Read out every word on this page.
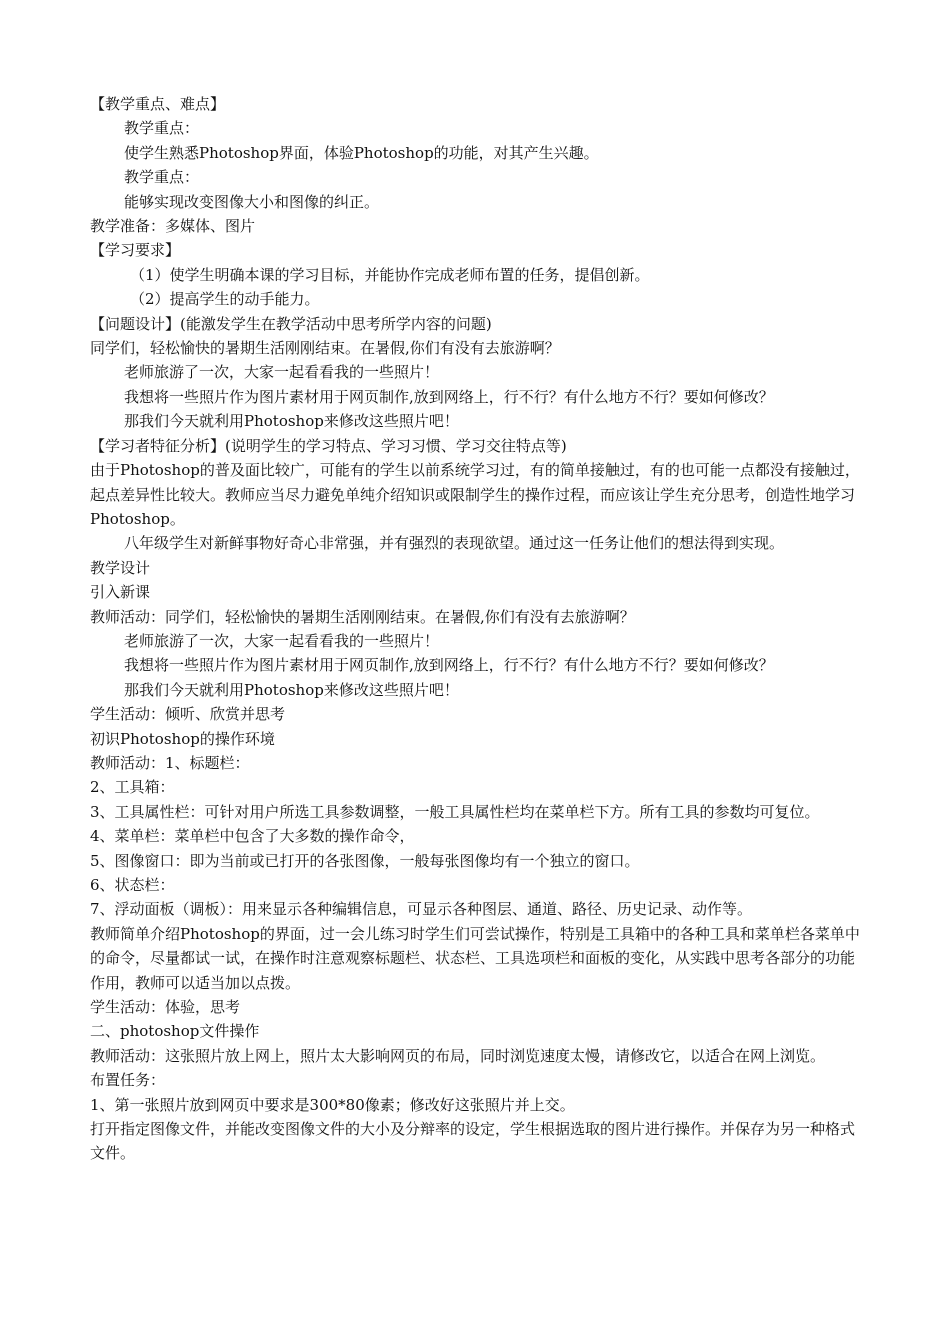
【教学重点、难点】

教学重点：

使学生熟悉Photoshop界面，体验Photoshop的功能，对其产生兴趣。

教学重点：

能够实现改变图像大小和图像的纠正。

教学准备：多媒体、图片

【学习要求】

（1）使学生明确本课的学习目标，并能协作完成老师布置的任务，提倡创新。

（2）提高学生的动手能力。

【问题设计】(能激发学生在教学活动中思考所学内容的问题)

同学们，轻松愉快的暑期生活刚刚结束。在暑假,你们有没有去旅游啊？

老师旅游了一次，大家一起看看我的一些照片！

我想将一些照片作为图片素材用于网页制作,放到网络上，行不行？有什么地方不行？要如何修改？

那我们今天就利用Photoshop来修改这些照片吧！

【学习者特征分析】(说明学生的学习特点、学习习惯、学习交往特点等)

由于Photoshop的普及面比较广，可能有的学生以前系统学习过，有的简单接触过，有的也可能一点都没有接触过，起点差异性比较大。教师应当尽力避免单纯介绍知识或限制学生的操作过程，而应该让学生充分思考，创造性地学习Photoshop。

八年级学生对新鲜事物好奇心非常强，并有强烈的表现欲望。通过这一任务让他们的想法得到实现。

教学设计

引入新课

教师活动：同学们，轻松愉快的暑期生活刚刚结束。在暑假,你们有没有去旅游啊？

老师旅游了一次，大家一起看看我的一些照片！

我想将一些照片作为图片素材用于网页制作,放到网络上，行不行？有什么地方不行？要如何修改？

那我们今天就利用Photoshop来修改这些照片吧！

学生活动：倾听、欣赏并思考

初识Photoshop的操作环境

教师活动：1、标题栏：

2、工具箱：

3、工具属性栏：可针对用户所选工具参数调整，一般工具属性栏均在菜单栏下方。所有工具的参数均可复位。

4、菜单栏：菜单栏中包含了大多数的操作命令，

5、图像窗口：即为当前或已打开的各张图像，一般每张图像均有一个独立的窗口。

6、状态栏：

7、浮动面板（调板）：用来显示各种编辑信息，可显示各种图层、通道、路径、历史记录、动作等。

教师简单介绍Photoshop的界面，过一会儿练习时学生们可尝试操作，特别是工具箱中的各种工具和菜单栏各菜单中的命令，尽量都试一试，在操作时注意观察标题栏、状态栏、工具选项栏和面板的变化，从实践中思考各部分的功能作用，教师可以适当加以点拨。

学生活动：体验，思考

二、photoshop文件操作

教师活动：这张照片放上网上，照片太大影响网页的布局，同时浏览速度太慢，请修改它，以适合在网上浏览。

布置任务：

1、第一张照片放到网页中要求是300*80像素；修改好这张照片并上交。

打开指定图像文件，并能改变图像文件的大小及分辩率的设定，学生根据选取的图片进行操作。并保存为另一种格式文件。
